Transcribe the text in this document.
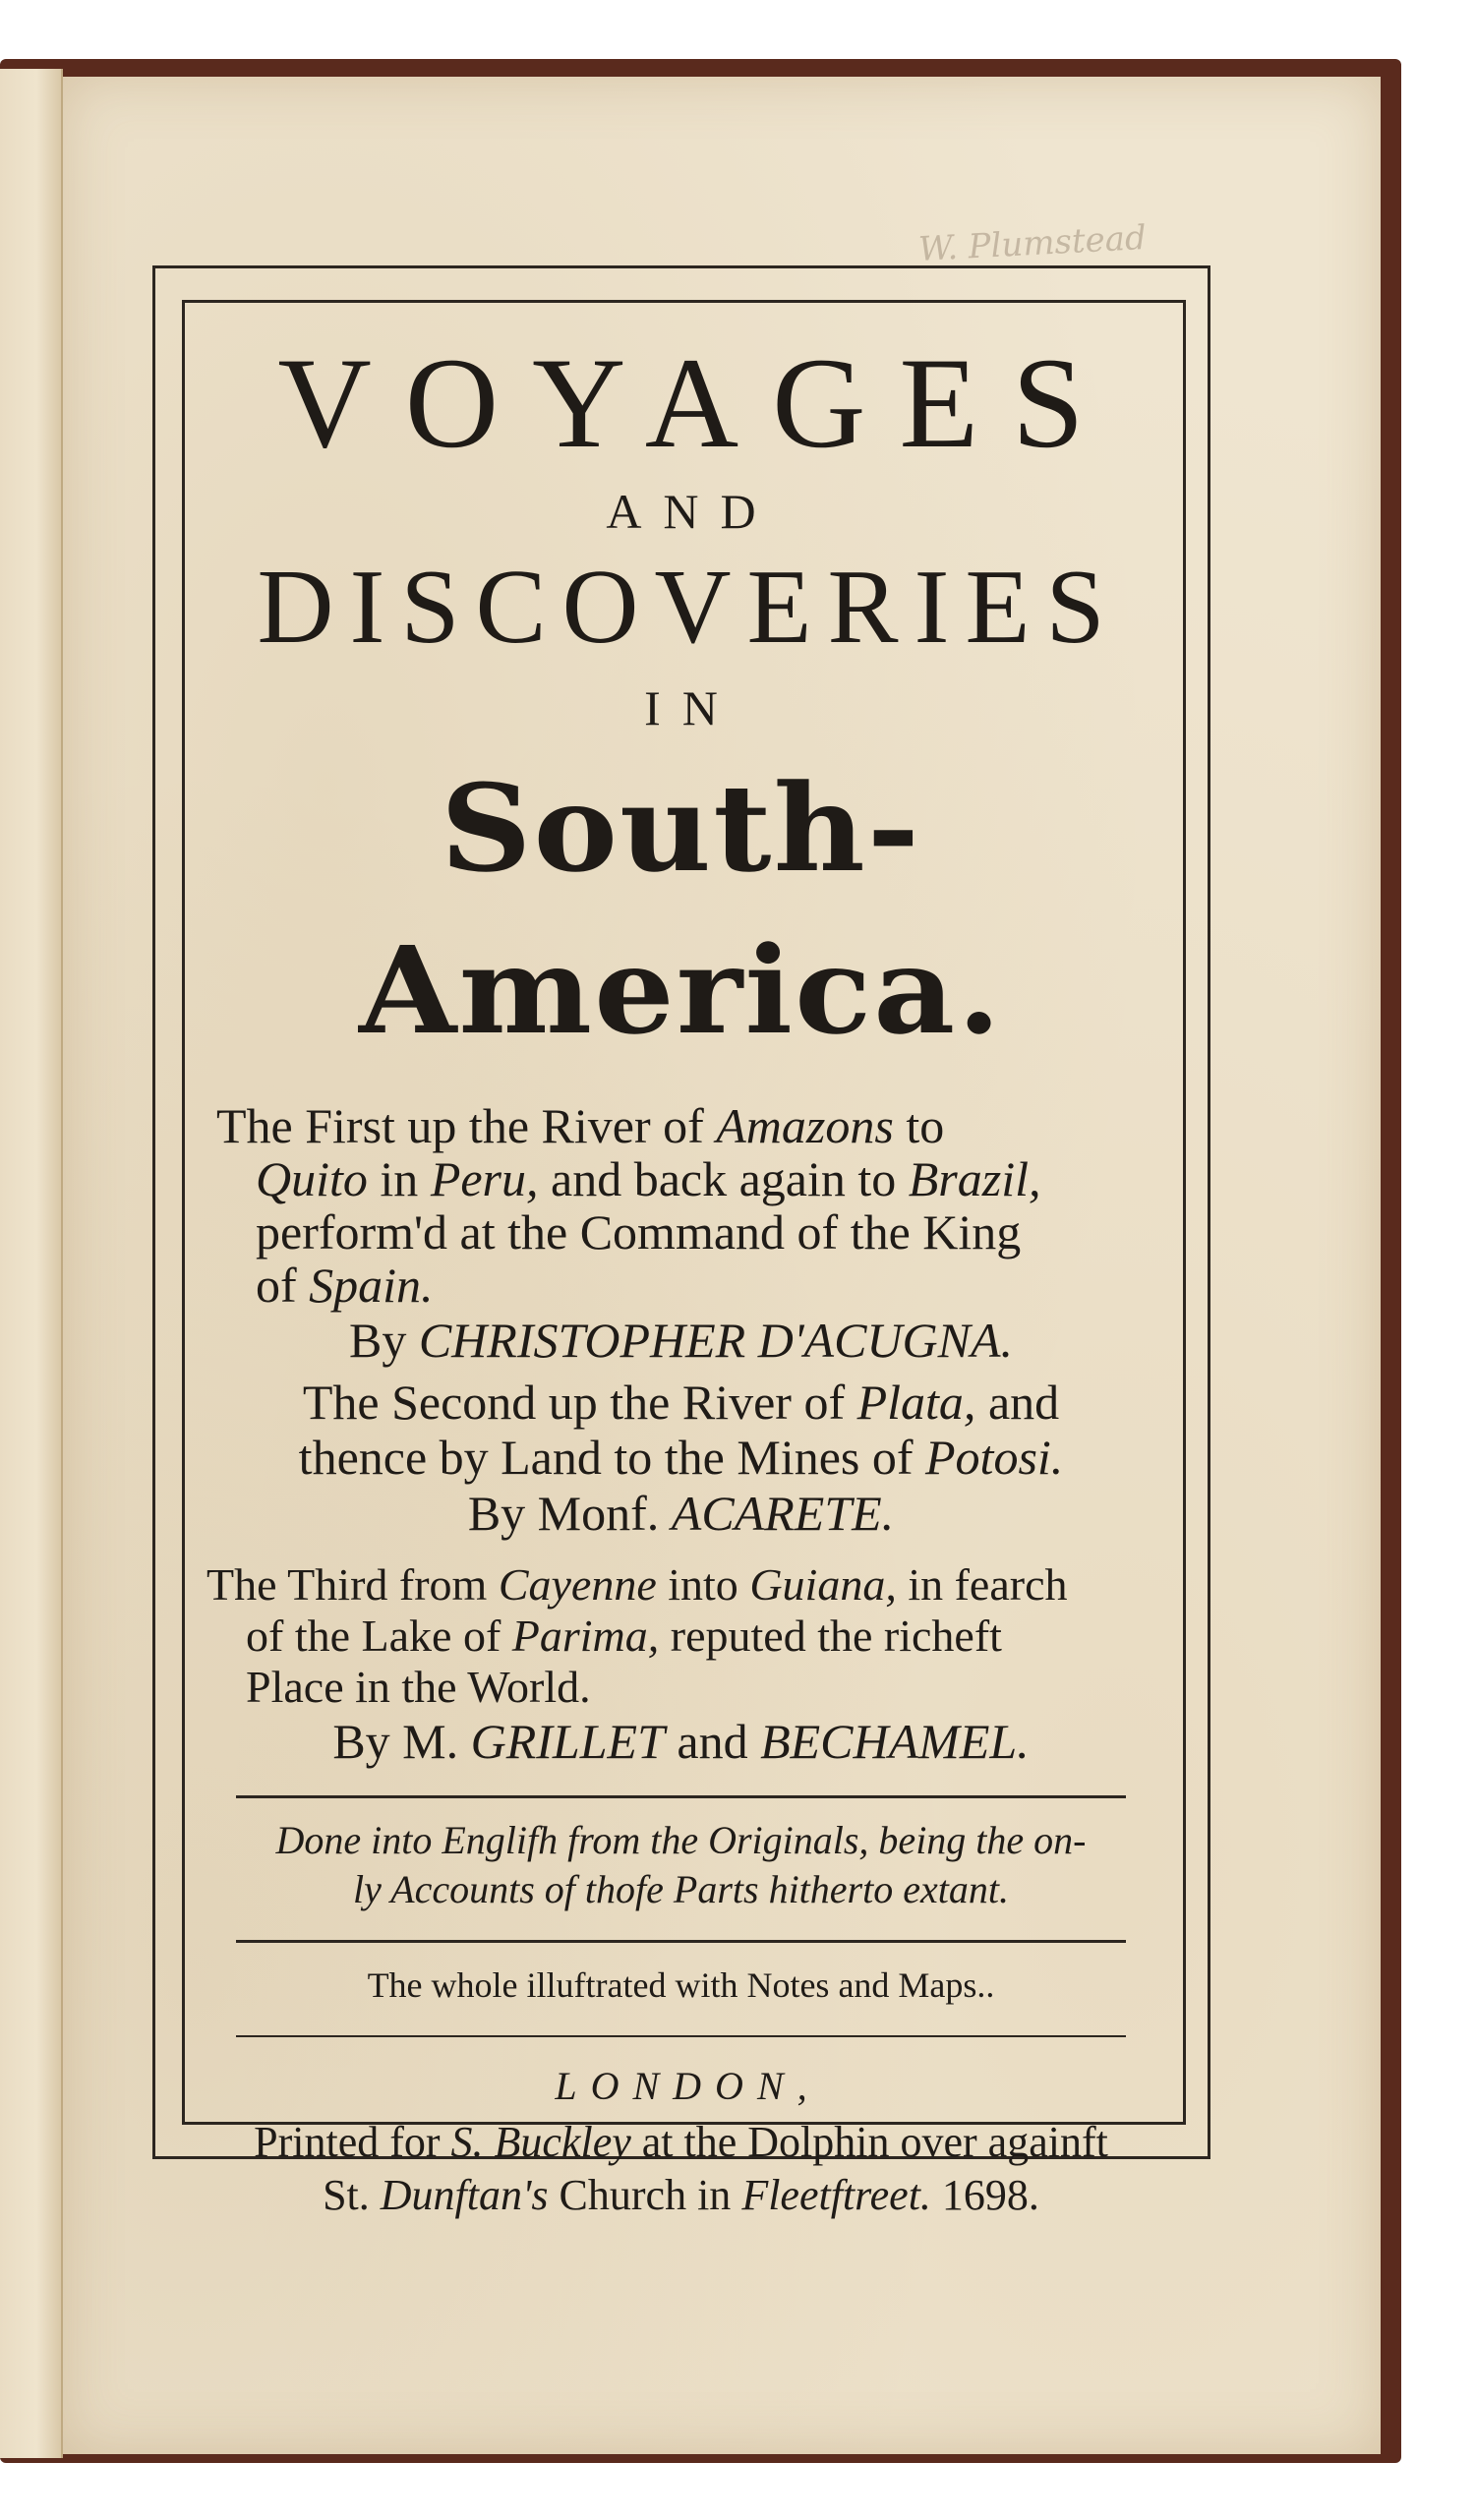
W. Plumstead
VOYAGES
AND
DISCOVERIES
IN
South-America.
The First up the River of Amazons to
Quito in Peru, and back again to Brazil,
perform'd at the Command of the King
of Spain.
By CHRISTOPHER D'ACUGNA.
The Second up the River of Plata, and
thence by Land to the Mines of Potosi.
By Monf. ACARETE.
The Third from Cayenne into Guiana, in fearch
of the Lake of Parima, reputed the richeft
Place in the World.
By M. GRILLET and BECHAMEL.
Done into Englifh from the Originals, being the on-
ly Accounts of thofe Parts hitherto extant.
The whole illuftrated with Notes and Maps..
LONDON,
Printed for S. Buckley at the Dolphin over againft
St. Dunftan's Church in Fleetftreet. 1698.
